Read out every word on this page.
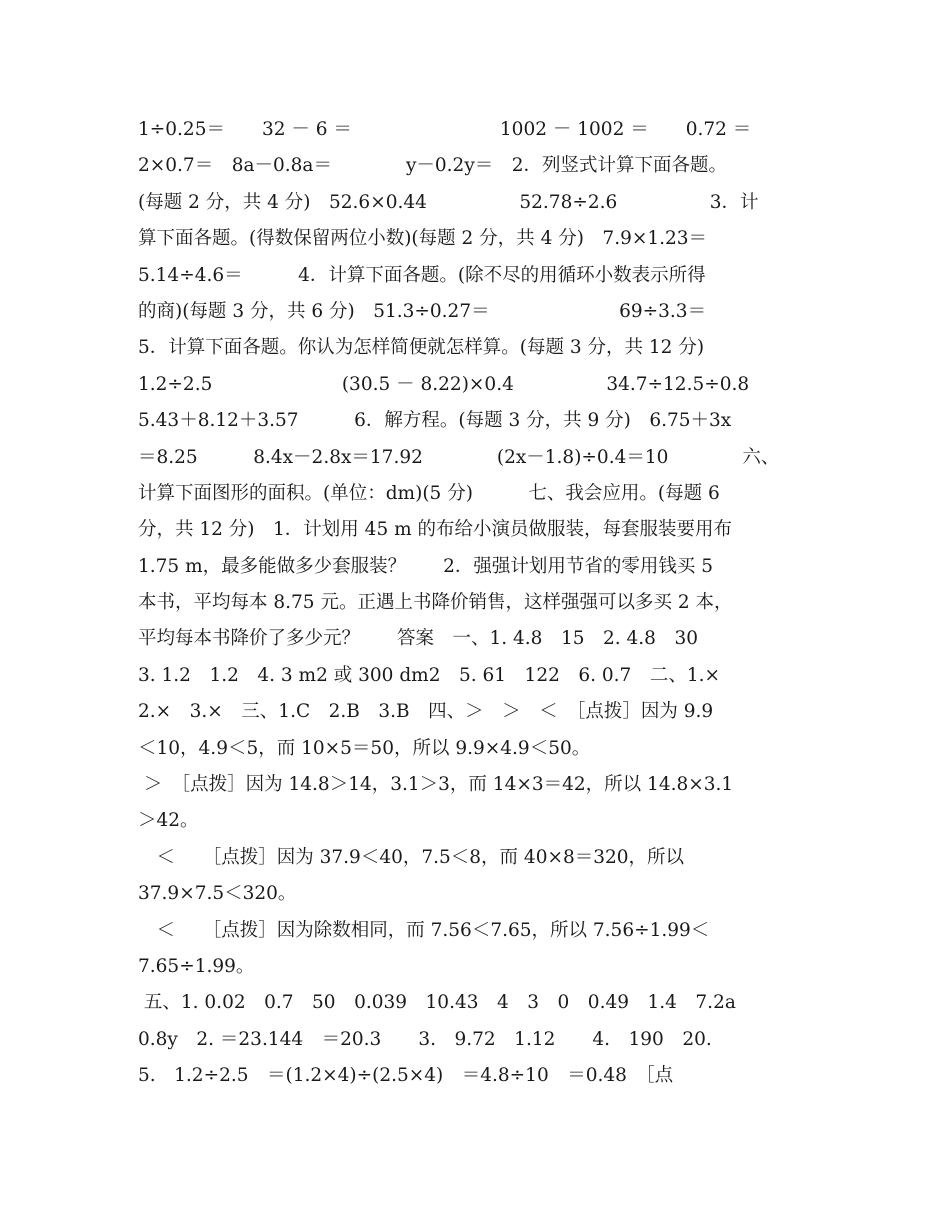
1÷0.25＝　　32 － 6 ＝　　　　　　　　1002 － 1002 ＝　　0.72 ＝
2×0.7＝　8a－0.8a＝　　　　y－0.2y＝　2．列竖式计算下面各题。
(每题 2 分，共 4 分)　52.6×0.44　　　　　52.78÷2.6　　　　　3．计
算下面各题。(得数保留两位小数)(每题 2 分，共 4 分)　7.9×1.23＝
5.14÷4.6＝　　　4．计算下面各题。(除不尽的用循环小数表示所得
的商)(每题 3 分，共 6 分)　51.3÷0.27＝　　　　　　　69÷3.3＝
5．计算下面各题。你认为怎样简便就怎样算。(每题 3 分，共 12 分)
1.2÷2.5　　　　　　　(30.5 － 8.22)×0.4　　　　　34.7÷12.5÷0.8
5.43＋8.12＋3.57　　　6．解方程。(每题 3 分，共 9 分)　6.75＋3x
＝8.25　　　8.4x－2.8x＝17.92　　　　(2x－1.8)÷0.4＝10　　　　六、
计算下面图形的面积。(单位：dm)(5 分)　　　七、我会应用。(每题 6
分，共 12 分)　1．计划用 45 m 的布给小演员做服装，每套服装要用布
1.75 m，最多能做多少套服装？　　2．强强计划用节省的零用钱买 5
本书，平均每本 8.75 元。正遇上书降价销售，这样强强可以多买 2 本，
平均每本书降价了多少元？　　答案　一、1. 4.8　15　2. 4.8　30
3. 1.2　1.2　4. 3 m2 或 300 dm2　5. 61　122　6. 0.7　二、1.×
2.×　3.×　三、1.C　2.B　3.B　四、＞　＞　＜　［点拨］因为 9.9
＜10，4.9＜5，而 10×5＝50，所以 9.9×4.9＜50。
＞　［点拨］因为 14.8＞14，3.1＞3，而 14×3＝42，所以 14.8×3.1
＞42。
　＜　　［点拨］因为 37.9＜40，7.5＜8，而 40×8＝320，所以
37.9×7.5＜320。
　＜　　［点拨］因为除数相同，而 7.56＜7.65，所以 7.56÷1.99＜
7.65÷1.99。
五、1. 0.02　0.7　50　0.039　10.43　4　3　0　0.49　1.4　7.2a
0.8y　2. ＝23.144　＝20.3　　3.　9.72　1.12　　4.　190　20.
5.　1.2÷2.5　＝(1.2×4)÷(2.5×4)　＝4.8÷10　＝0.48　［点
